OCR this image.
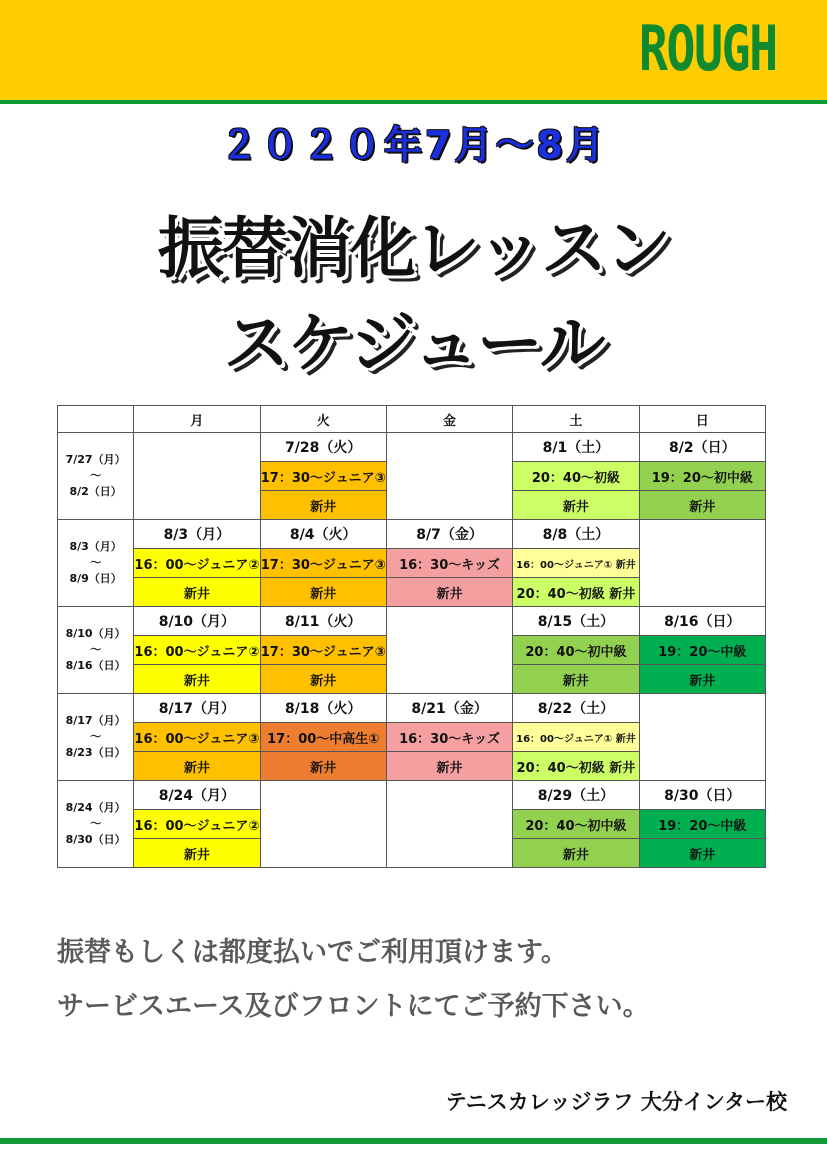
ROUGH
２０２０年7月～8月
振替消化レッスン
スケジュール
	月	火	金	土	日

7/27（月）
～
8/2（日）		7/28（火）		8/1（土）	8/2（日）
		17：30～ジュニア③		20：40～初級	19：20～初中級
		新井		新井	新井

8/3（月）
～
8/9（日）	8/3（月）	8/4（火）	8/7（金）	8/8（土）	
	16：00～ジュニア②	17：30～ジュニア③	16：30～キッズ	16：00～ジュニア① 新井	
	新井	新井	新井	20：40～初級 新井	

8/10（月）
～
8/16（日）	8/10（月）	8/11（火）		8/15（土）	8/16（日）
	16：00～ジュニア②	17：30～ジュニア③		20：40～初中級	19：20～中級
	新井	新井		新井	新井

8/17（月）
～
8/23（日）	8/17（月）	8/18（火）	8/21（金）	8/22（土）	
	16：00～ジュニア③	17：00～中高生①	16：30～キッズ	16：00～ジュニア① 新井	
	新井	新井	新井	20：40～初級 新井	

8/24（月）
～
8/30（日）	8/24（月）			8/29（土）	8/30（日）
	16：00～ジュニア②			20：40～初中級	19：20～中級
	新井			新井	新井
振替もしくは都度払いでご利用頂けます。
サービスエース及びフロントにてご予約下さい。
テニスカレッジラフ 大分インター校
